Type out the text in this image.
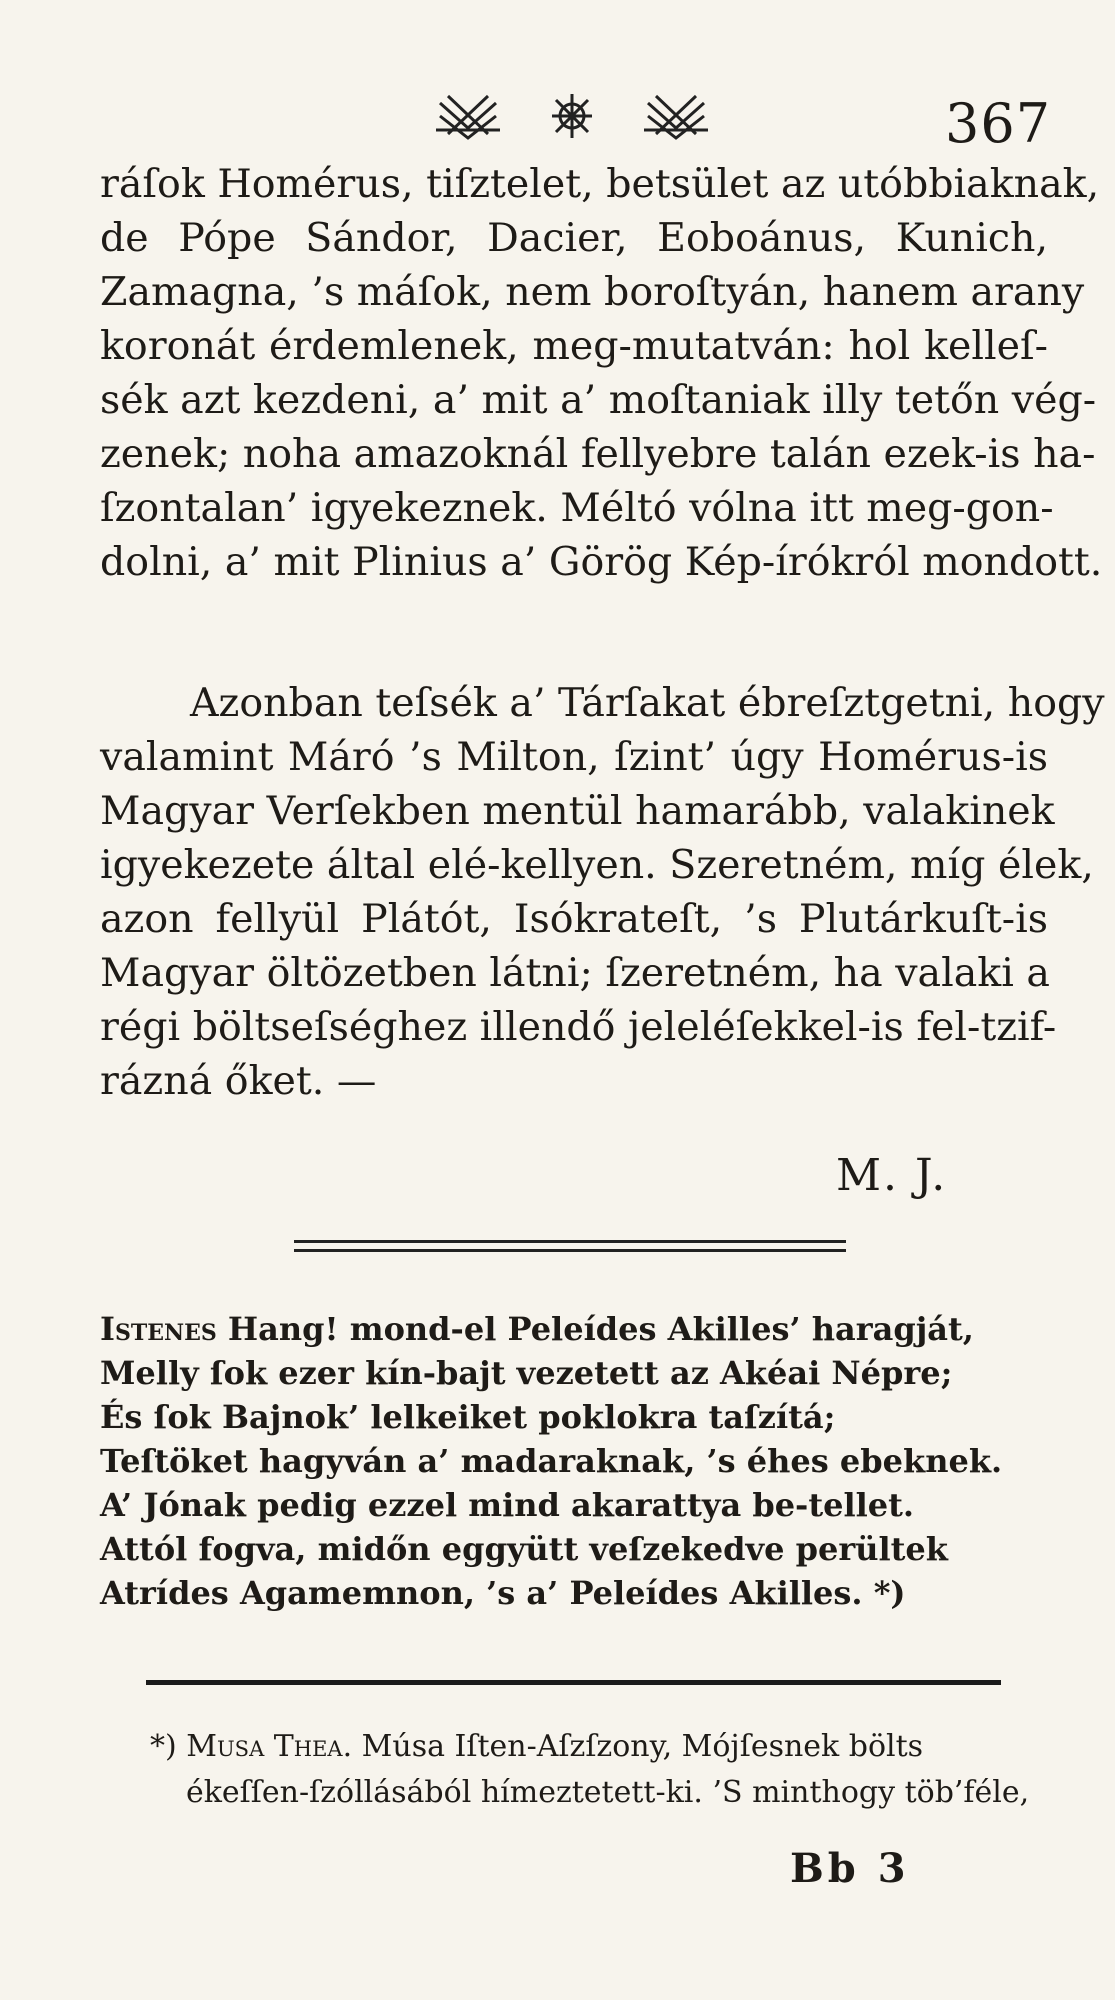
367
ráſok Homérus, tiſztelet, betsület az utóbbiaknak,
de Pópe Sándor, Dacier, Eoboánus, Kunich,
Zamagna, ’s máſok, nem boroſtyán, hanem arany
koronát érdemlenek, meg-mutatván: hol kelleſ-
sék azt kezdeni, a’ mit a’ moſtaniak illy tetőn vég-
zenek; noha amazoknál fellyebre talán ezek-is ha-
ſzontalan’ igyekeznek. Méltó vólna itt meg-gon-
dolni, a’ mit Plinius a’ Görög Kép-írókról mondott.
Azonban teſsék a’ Tárſakat ébreſztgetni, hogy
valamint Máró ’s Milton, ſzint’ úgy Homérus-is
Magyar Verſekben mentül hamarább, valakinek
igyekezete által elé-kellyen. Szeretném, míg élek,
azon fellyül Plátót, Isókrateſt, ’s Plutárkuſt-is
Magyar öltözetben látni; ſzeretném, ha valaki a
régi böltseſséghez illendő jeleléſekkel-is fel-tzif-
rázná őket. —
M. J.
Istenes Hang! mond-el Peleídes Akilles’ haragját,
Melly ſok ezer kín-bajt vezetett az Akéai Népre;
És ſok Bajnok’ lelkeiket poklokra taſzítá;
Teſtöket hagyván a’ madaraknak, ’s éhes ebeknek.
A’ Jónak pedig ezzel mind akarattya be-tellet.
Attól fogva, midőn eggyütt veſzekedve perültek
Atrídes Agamemnon, ’s a’ Peleídes Akilles. *)
*) Musa Thea. Músa Iſten-Aſzſzony, Mójſesnek bölts
ékeſſen-ſzóllásából hímeztetett-ki. ’S minthogy töb’féle,
Bb 3
